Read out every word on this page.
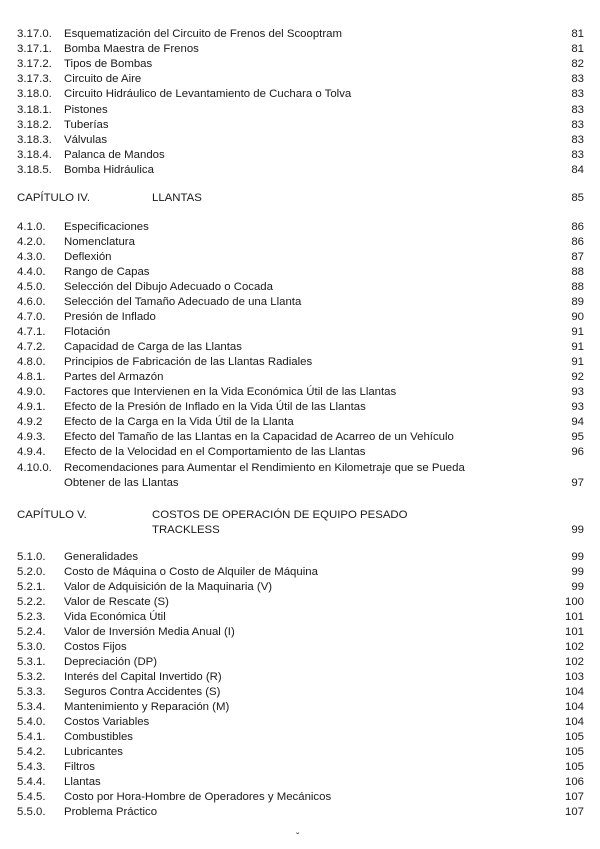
3.17.0. Esquematización del Circuito de Frenos del Scooptram	81
3.17.1. Bomba Maestra de Frenos	81
3.17.2. Tipos de Bombas	82
3.17.3. Circuito de Aire	83
3.18.0. Circuito Hidráulico de Levantamiento de Cuchara o Tolva	83
3.18.1. Pistones	83
3.18.2. Tuberías	83
3.18.3. Válvulas	83
3.18.4. Palanca de Mandos	83
3.18.5. Bomba Hidráulica	84
CAPÍTULO IV.	LLANTAS	85
4.1.0. Especificaciones	86
4.2.0. Nomenclatura	86
4.3.0. Deflexión	87
4.4.0. Rango de Capas	88
4.5.0. Selección del Dibujo Adecuado o Cocada	88
4.6.0. Selección del Tamaño Adecuado de una Llanta	89
4.7.0. Presión de Inflado	90
4.7.1. Flotación	91
4.7.2. Capacidad de Carga de las Llantas	91
4.8.0. Principios de Fabricación de las Llantas Radiales	91
4.8.1. Partes del Armazón	92
4.9.0. Factores que Intervienen en la Vida Económica Útil de las Llantas	93
4.9.1. Efecto de la Presión de Inflado en la Vida Útil de las Llantas	93
4.9.2 Efecto de la Carga en la Vida Útil de la Llanta	94
4.9.3. Efecto del Tamaño de las Llantas en la Capacidad de Acarreo de un Vehículo	95
4.9.4. Efecto de la Velocidad en el Comportamiento de las Llantas	96
4.10.0. Recomendaciones para Aumentar el Rendimiento en Kilometraje que se Pueda
Obtener de las Llantas	97
CAPÍTULO V.	COSTOS DE OPERACIÓN DE EQUIPO PESADO
TRACKLESS	99
5.1.0. Generalidades	99
5.2.0. Costo de Máquina o Costo de Alquiler de Máquina	99
5.2.1. Valor de Adquisición de la Maquinaria (V)	99
5.2.2. Valor de Rescate (S)	100
5.2.3. Vida Económica Útil	101
5.2.4. Valor de Inversión Media Anual (I)	101
5.3.0. Costos Fijos	102
5.3.1. Depreciación (DP)	102
5.3.2. Interés del Capital Invertido (R)	103
5.3.3. Seguros Contra Accidentes (S)	104
5.3.4. Mantenimiento y Reparación (M)	104
5.4.0. Costos Variables	104
5.4.1. Combustibles	105
5.4.2. Lubricantes	105
5.4.3. Filtros	105
5.4.4. Llantas	106
5.4.5. Costo por Hora-Hombre de Operadores y Mecánicos	107
5.5.0. Problema Práctico	107
ˇ
